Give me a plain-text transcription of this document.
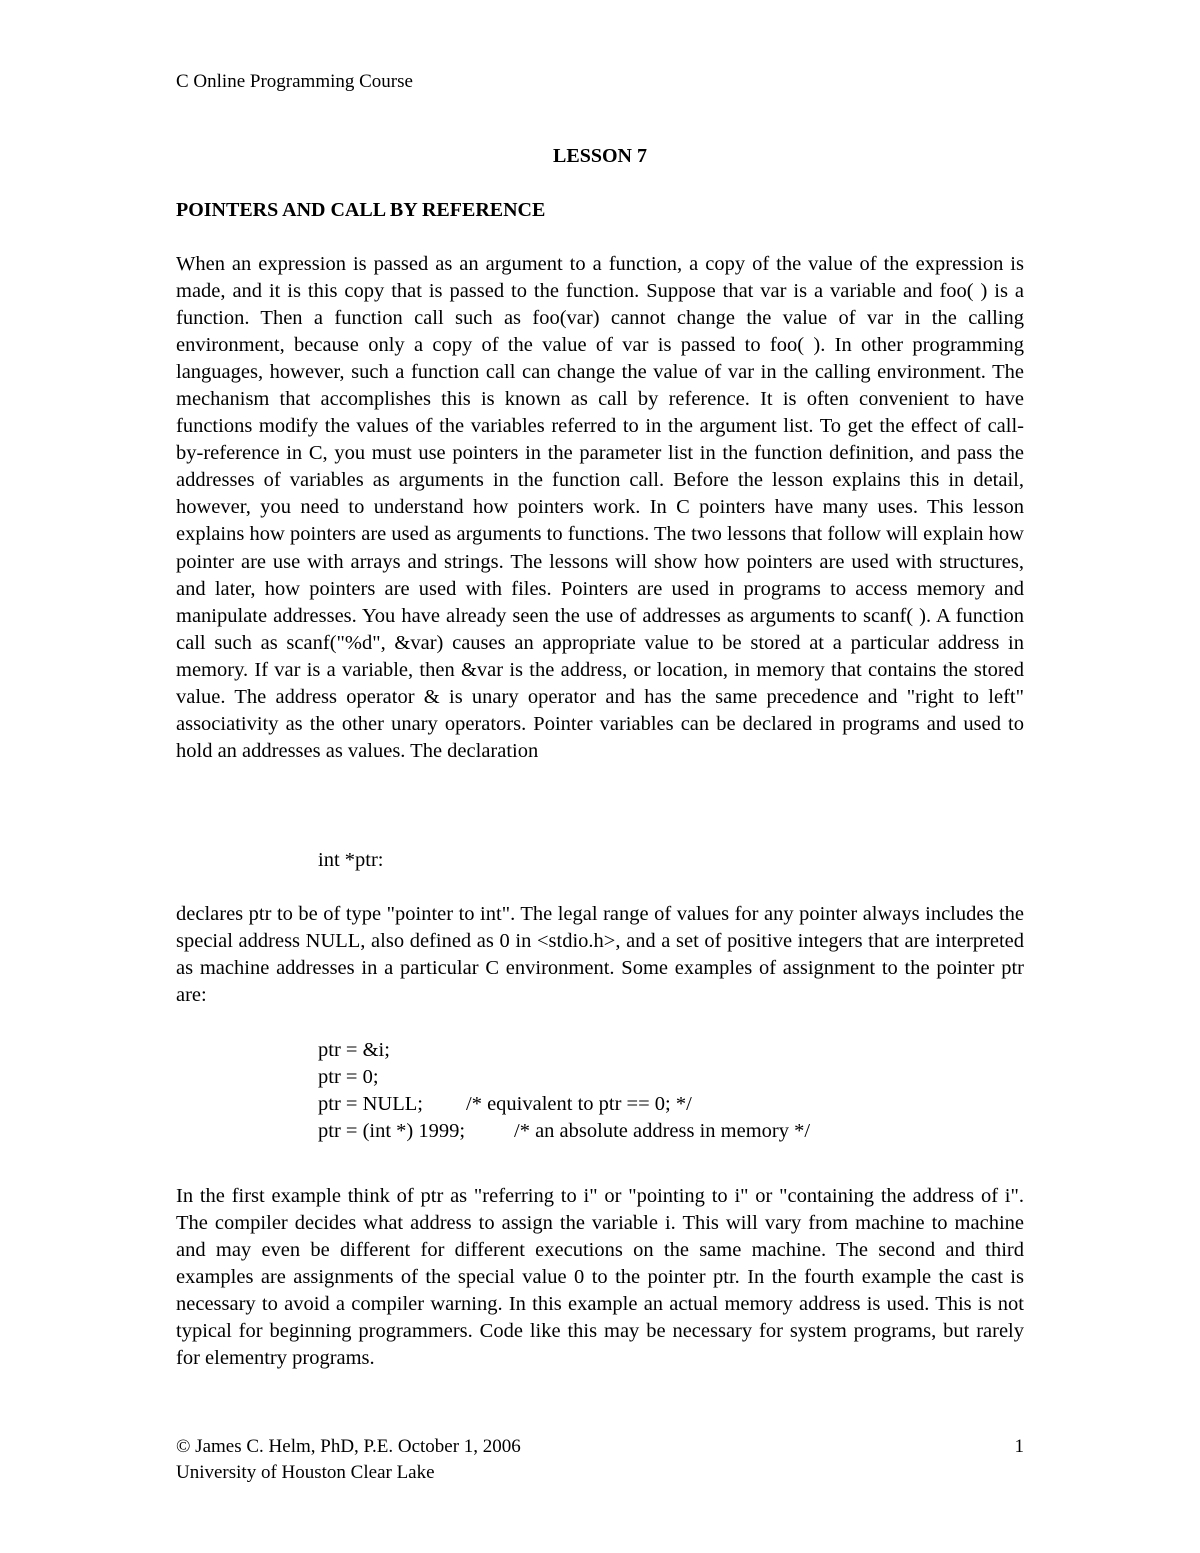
C Online Programming Course
LESSON 7
POINTERS AND CALL BY REFERENCE

When an expression is passed as an argument to a function, a copy of the value of the expression is made, and it is this copy that is passed to the function. Suppose that var is a variable and foo( ) is a function. Then a function call such as foo(var) cannot change the value of var in the calling environment, because only a copy of the value of var is passed to foo( ). In other programming languages, however, such a function call can change the value of var in the calling environment. The mechanism that accomplishes this is known as call by reference. It is often convenient to have functions modify the values of the variables referred to in the argument list. To get the effect of call-by-reference in C, you must use pointers in the parameter list in the function definition, and pass the addresses of variables as arguments in the function call. Before the lesson explains this in detail, however, you need to understand how pointers work. In C pointers have many uses. This lesson explains how pointers are used as arguments to functions. The two lessons that follow will explain how pointer are use with arrays and strings. The lessons will show how pointers are used with structures, and later, how pointers are used with files. Pointers are used in programs to access memory and manipulate addresses. You have already seen the use of addresses as arguments to scanf( ). A function call such as scanf("%d", &var) causes an appropriate value to be stored at a particular address in memory. If var is a variable, then &var is the address, or location, in memory that contains the stored value. The address operator & is unary operator and has the same precedence and "right to left" associativity as the other unary operators. Pointer variables can be declared in programs and used to hold an addresses as values. The declaration

int *ptr:

declares ptr to be of type "pointer to int". The legal range of values for any pointer always includes the special address NULL, also defined as 0 in <stdio.h>, and a set of positive integers that are interpreted as machine addresses in a particular C environment. Some examples of assignment to the pointer ptr are:

ptr = &i;
ptr = 0;
ptr = NULL; /* equivalent to ptr == 0; */
ptr = (int *) 1999; /* an absolute address in memory */

In the first example think of ptr as "referring to i" or "pointing to i" or "containing the address of i". The compiler decides what address to assign the variable i. This will vary from machine to machine and may even be different for different executions on the same machine. The second and third examples are assignments of the special value 0 to the pointer ptr. In the fourth example the cast is necessary to avoid a compiler warning. In this example an actual memory address is used. This is not typical for beginning programmers. Code like this may be necessary for system programs, but rarely for elementry programs.

© James C. Helm, PhD, P.E. October 1, 2006
University of Houston Clear Lake
1
